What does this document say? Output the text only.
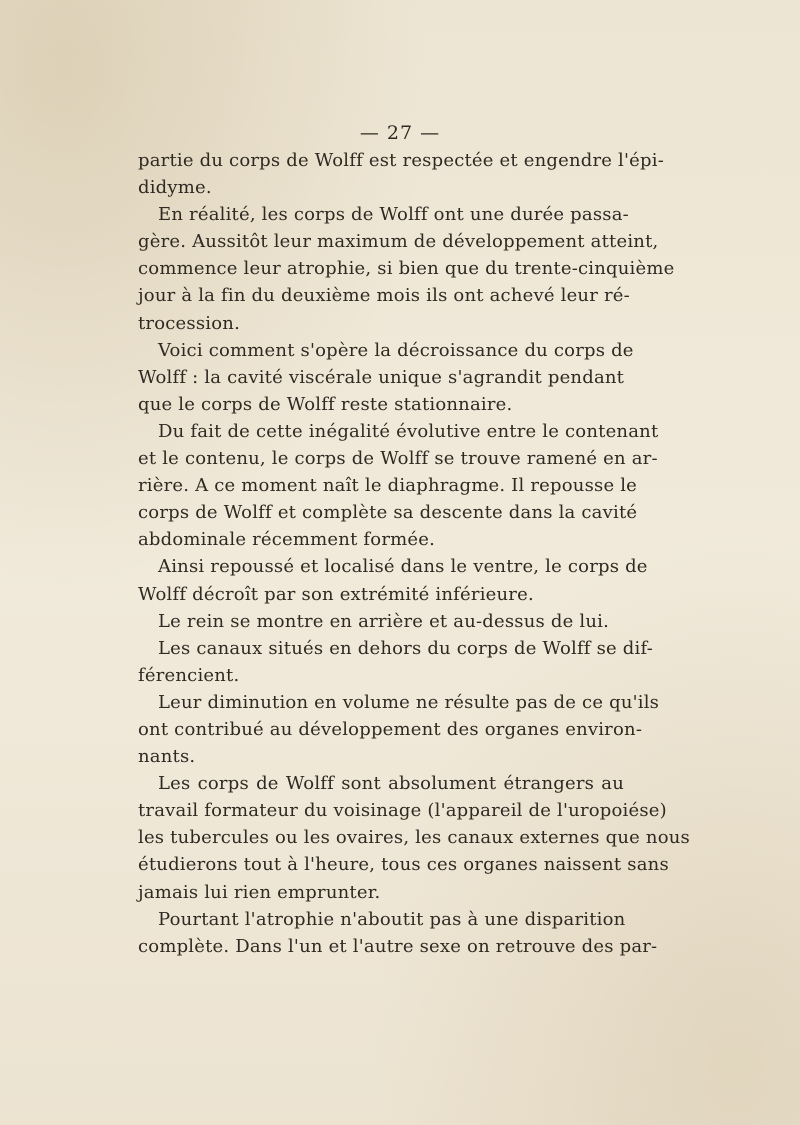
— 27 —
partie du corps de Wolff est respectée et engendre l'épi-
didyme.
En réalité, les corps de Wolff ont une durée passa-
gère. Aussitôt leur maximum de développement atteint,
commence leur atrophie, si bien que du trente-cinquième
jour à la fin du deuxième mois ils ont achevé leur ré-
trocession.
Voici comment s'opère la décroissance du corps de
Wolff : la cavité viscérale unique s'agrandit pendant
que le corps de Wolff reste stationnaire.
Du fait de cette inégalité évolutive entre le contenant
et le contenu, le corps de Wolff se trouve ramené en ar-
rière. A ce moment naît le diaphragme. Il repousse le
corps de Wolff et complète sa descente dans la cavité
abdominale récemment formée.
Ainsi repoussé et localisé dans le ventre, le corps de
Wolff décroît par son extrémité inférieure.
Le rein se montre en arrière et au-dessus de lui.
Les canaux situés en dehors du corps de Wolff se dif-
férencient.
Leur diminution en volume ne résulte pas de ce qu'ils
ont contribué au développement des organes environ-
nants.
Les corps de Wolff sont absolument étrangers au
travail formateur du voisinage (l'appareil de l'uropoiése)
les tubercules ou les ovaires, les canaux externes que nous
étudierons tout à l'heure, tous ces organes naissent sans
jamais lui rien emprunter.
Pourtant l'atrophie n'aboutit pas à une disparition
complète. Dans l'un et l'autre sexe on retrouve des par-
